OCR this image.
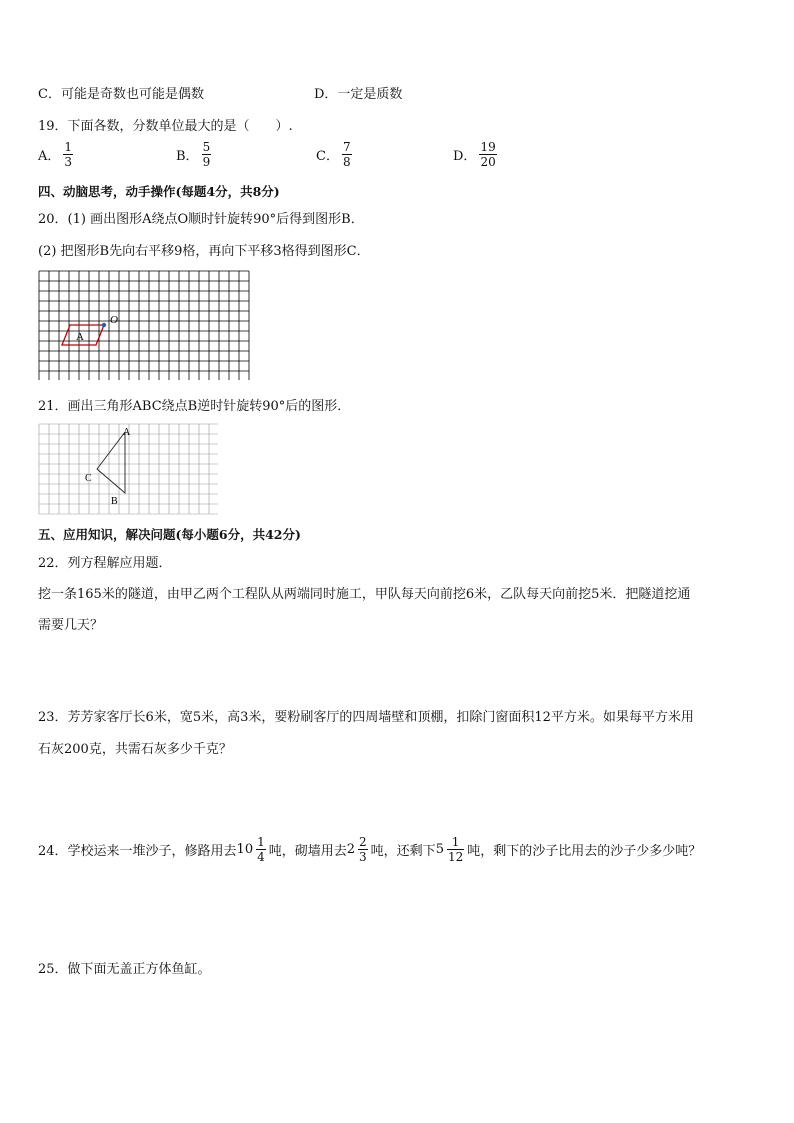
C．可能是奇数也可能是偶数	D．一定是质数
19．下面各数，分数单位最大的是（　　）.
A． $\frac{1}{3}$	B． $\frac{5}{9}$	C． $\frac{7}{8}$	D． $\frac{19}{20}$
四、动脑思考，动手操作(每题4分，共8分)
20．(1) 画出图形A绕点O顺时针旋转90°后得到图形B．
(2) 把图形B先向右平移9格，再向下平移3格得到图形C．
O
A
21．画出三角形ABC绕点B逆时针旋转90°后的图形．
A
B
C
五、应用知识，解决问题(每小题6分，共42分)
22．列方程解应用题．
挖一条165米的隧道，由甲乙两个工程队从两端同时施工，甲队每天向前挖6米，乙队每天向前挖5米．把隧道挖通
需要几天？
23．芳芳家客厅长6米，宽5米，高3米，要粉刷客厅的四周墙壁和顶棚，扣除门窗面积12平方米。如果每平方米用
石灰200克，共需石灰多少千克？
24．学校运来一堆沙子，修路用去$10 \frac{1}{4}$ 吨，砌墙用去$2 \frac{2}{3}$ 吨，还剩下$5 \frac{1}{12}$ 吨，剩下的沙子比用去的沙子少多少吨？
25．做下面无盖正方体鱼缸。
